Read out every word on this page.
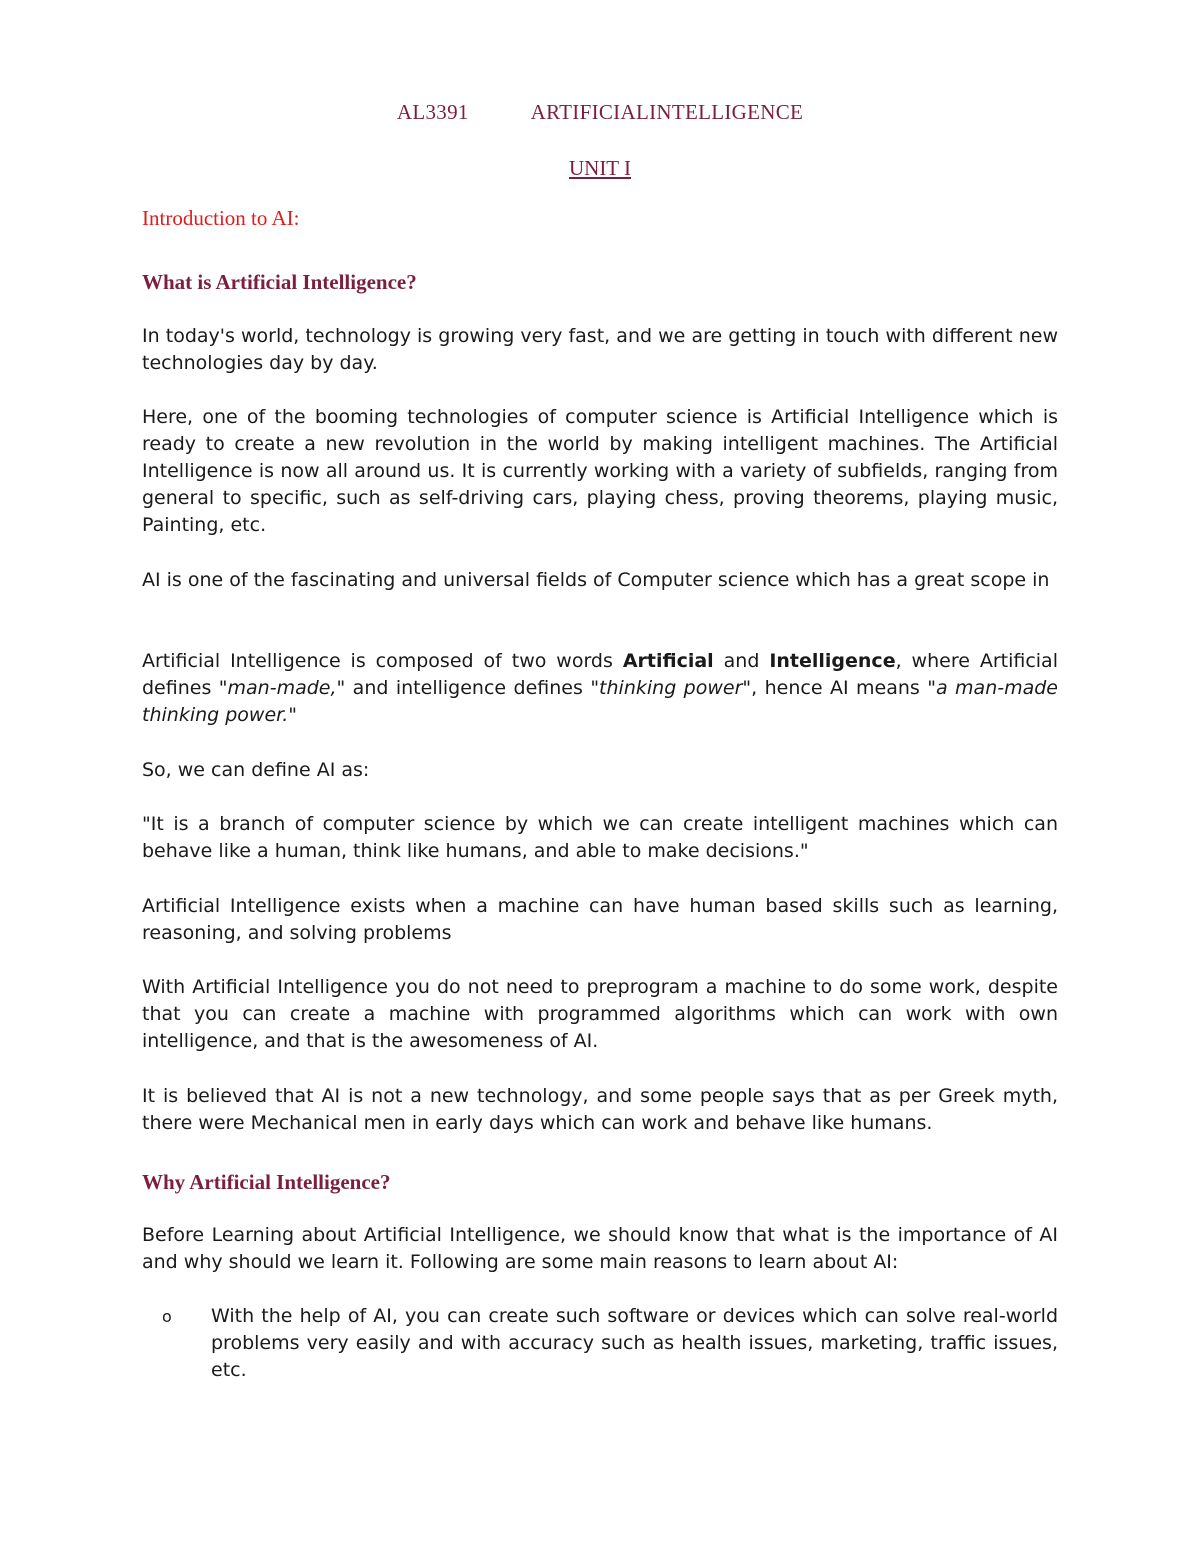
AL3391	ARTIFICIALINTELLIGENCE
UNIT I
Introduction to AI:
What is Artificial Intelligence?
In today's world, technology is growing very fast, and we are getting in touch with different new technologies day by day.
Here, one of the booming technologies of computer science is Artificial Intelligence which is ready to create a new revolution in the world by making intelligent machines. The Artificial Intelligence is now all around us. It is currently working with a variety of subfields, ranging from general to specific, such as self-driving cars, playing chess, proving theorems, playing music, Painting, etc.
AI is one of the fascinating and universal fields of Computer science which has a great scope in
Artificial Intelligence is composed of two words Artificial and Intelligence, where Artificial defines "man-made," and intelligence defines "thinking power", hence AI means "a man-made thinking power."
So, we can define AI as:
"It is a branch of computer science by which we can create intelligent machines which can behave like a human, think like humans, and able to make decisions."
Artificial Intelligence exists when a machine can have human based skills such as learning, reasoning, and solving problems
With Artificial Intelligence you do not need to preprogram a machine to do some work, despite that you can create a machine with programmed algorithms which can work with own intelligence, and that is the awesomeness of AI.
It is believed that AI is not a new technology, and some people says that as per Greek myth, there were Mechanical men in early days which can work and behave like humans.
Why Artificial Intelligence?
Before Learning about Artificial Intelligence, we should know that what is the importance of AI and why should we learn it. Following are some main reasons to learn about AI:
o With the help of AI, you can create such software or devices which can solve real-world problems very easily and with accuracy such as health issues, marketing, traffic issues, etc.
